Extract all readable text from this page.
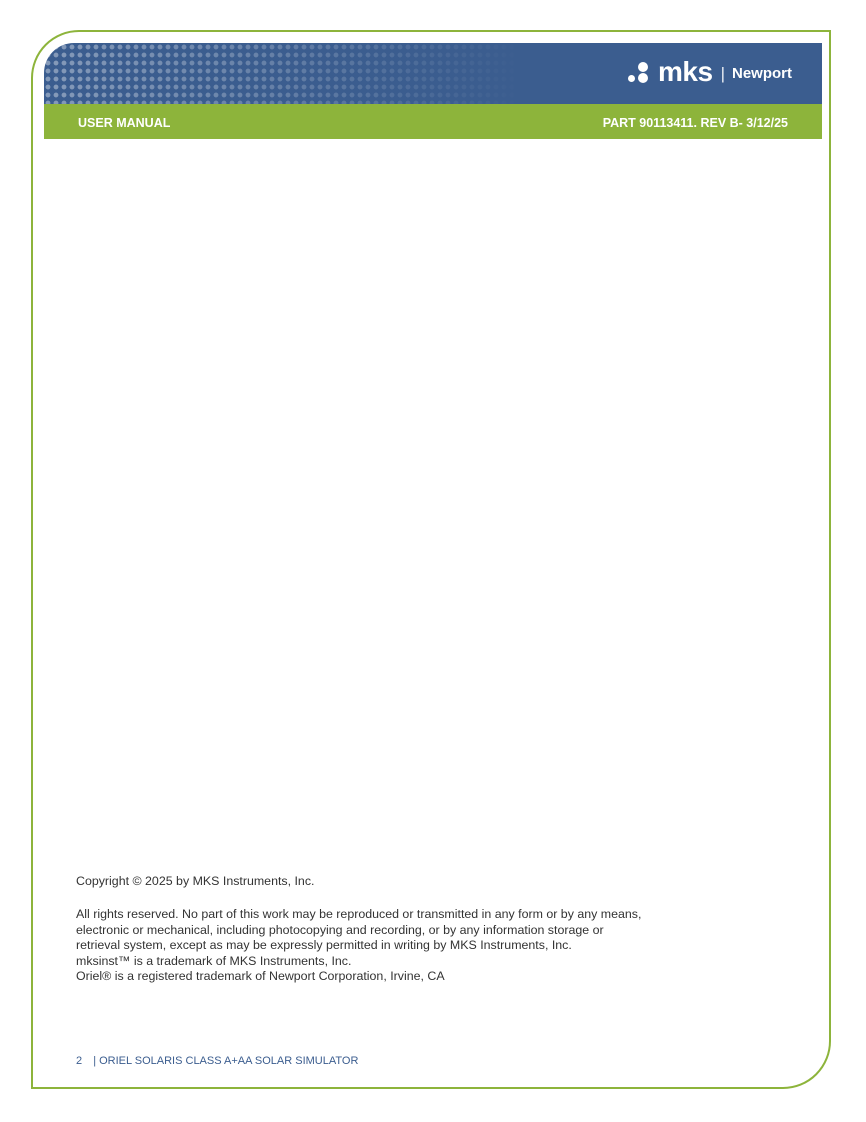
mks | Newport
USER MANUAL	PART 90113411. REV B- 3/12/25
Copyright © 2025 by MKS Instruments, Inc.
All rights reserved. No part of this work may be reproduced or transmitted in any form or by any means,
electronic or mechanical, including photocopying and recording, or by any information storage or
retrieval system, except as may be expressly permitted in writing by MKS Instruments, Inc.
mksinst™ is a trademark of MKS Instruments, Inc.
Oriel® is a registered trademark of Newport Corporation, Irvine, CA
2 | ORIEL SOLARIS CLASS A+AA SOLAR SIMULATOR
